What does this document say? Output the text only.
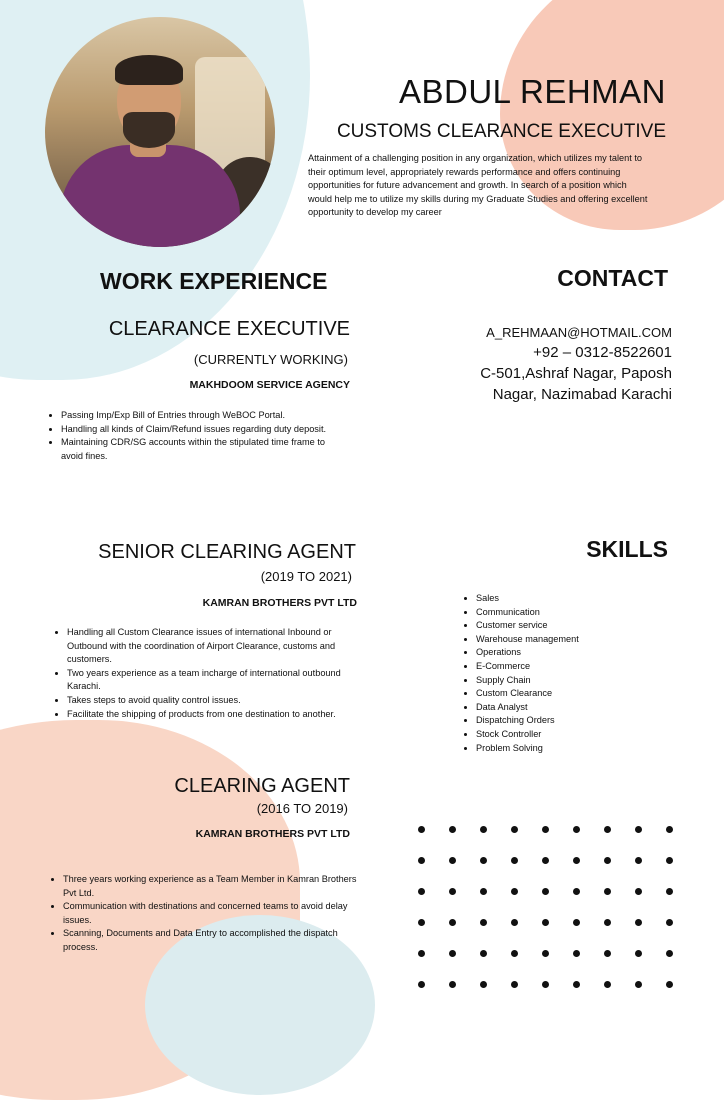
ABDUL REHMAN
CUSTOMS CLEARANCE EXECUTIVE
Attainment of a challenging position in any organization, which utilizes my talent to their optimum level, appropriately rewards performance and offers continuing opportunities for future advancement and growth. In search of a position which would help me to utilize my skills during my Graduate Studies and offering excellent opportunity to develop my career
WORK EXPERIENCE
CLEARANCE EXECUTIVE
(CURRENTLY WORKING)
MAKHDOOM SERVICE AGENCY
• Passing Imp/Exp Bill of Entries through WeBOC Portal.
• Handling all kinds of Claim/Refund issues regarding duty deposit.
• Maintaining CDR/SG accounts within the stipulated time frame to avoid fines.
SENIOR CLEARING AGENT
(2019 TO 2021)
KAMRAN BROTHERS PVT LTD
• Handling all Custom Clearance issues of international Inbound or Outbound with the coordination of Airport Clearance, customs and customers.
• Two years experience as a team incharge of international outbound Karachi.
• Takes steps to avoid quality control issues.
• Facilitate the shipping of products from one destination to another.
CLEARING AGENT
(2016 TO 2019)
KAMRAN BROTHERS PVT LTD
• Three years working experience as a Team Member in Kamran Brothers Pvt Ltd.
• Communication with destinations and concerned teams to avoid delay issues.
• Scanning, Documents and Data Entry to accomplished the dispatch process.
CONTACT
A_REHMAAN@HOTMAIL.COM
+92 – 0312-8522601
C-501,Ashraf Nagar, Paposh
Nagar, Nazimabad Karachi
SKILLS
• Sales
• Communication
• Customer service
• Warehouse management
• Operations
• E-Commerce
• Supply Chain
• Custom Clearance
• Data Analyst
• Dispatching Orders
• Stock Controller
• Problem Solving
